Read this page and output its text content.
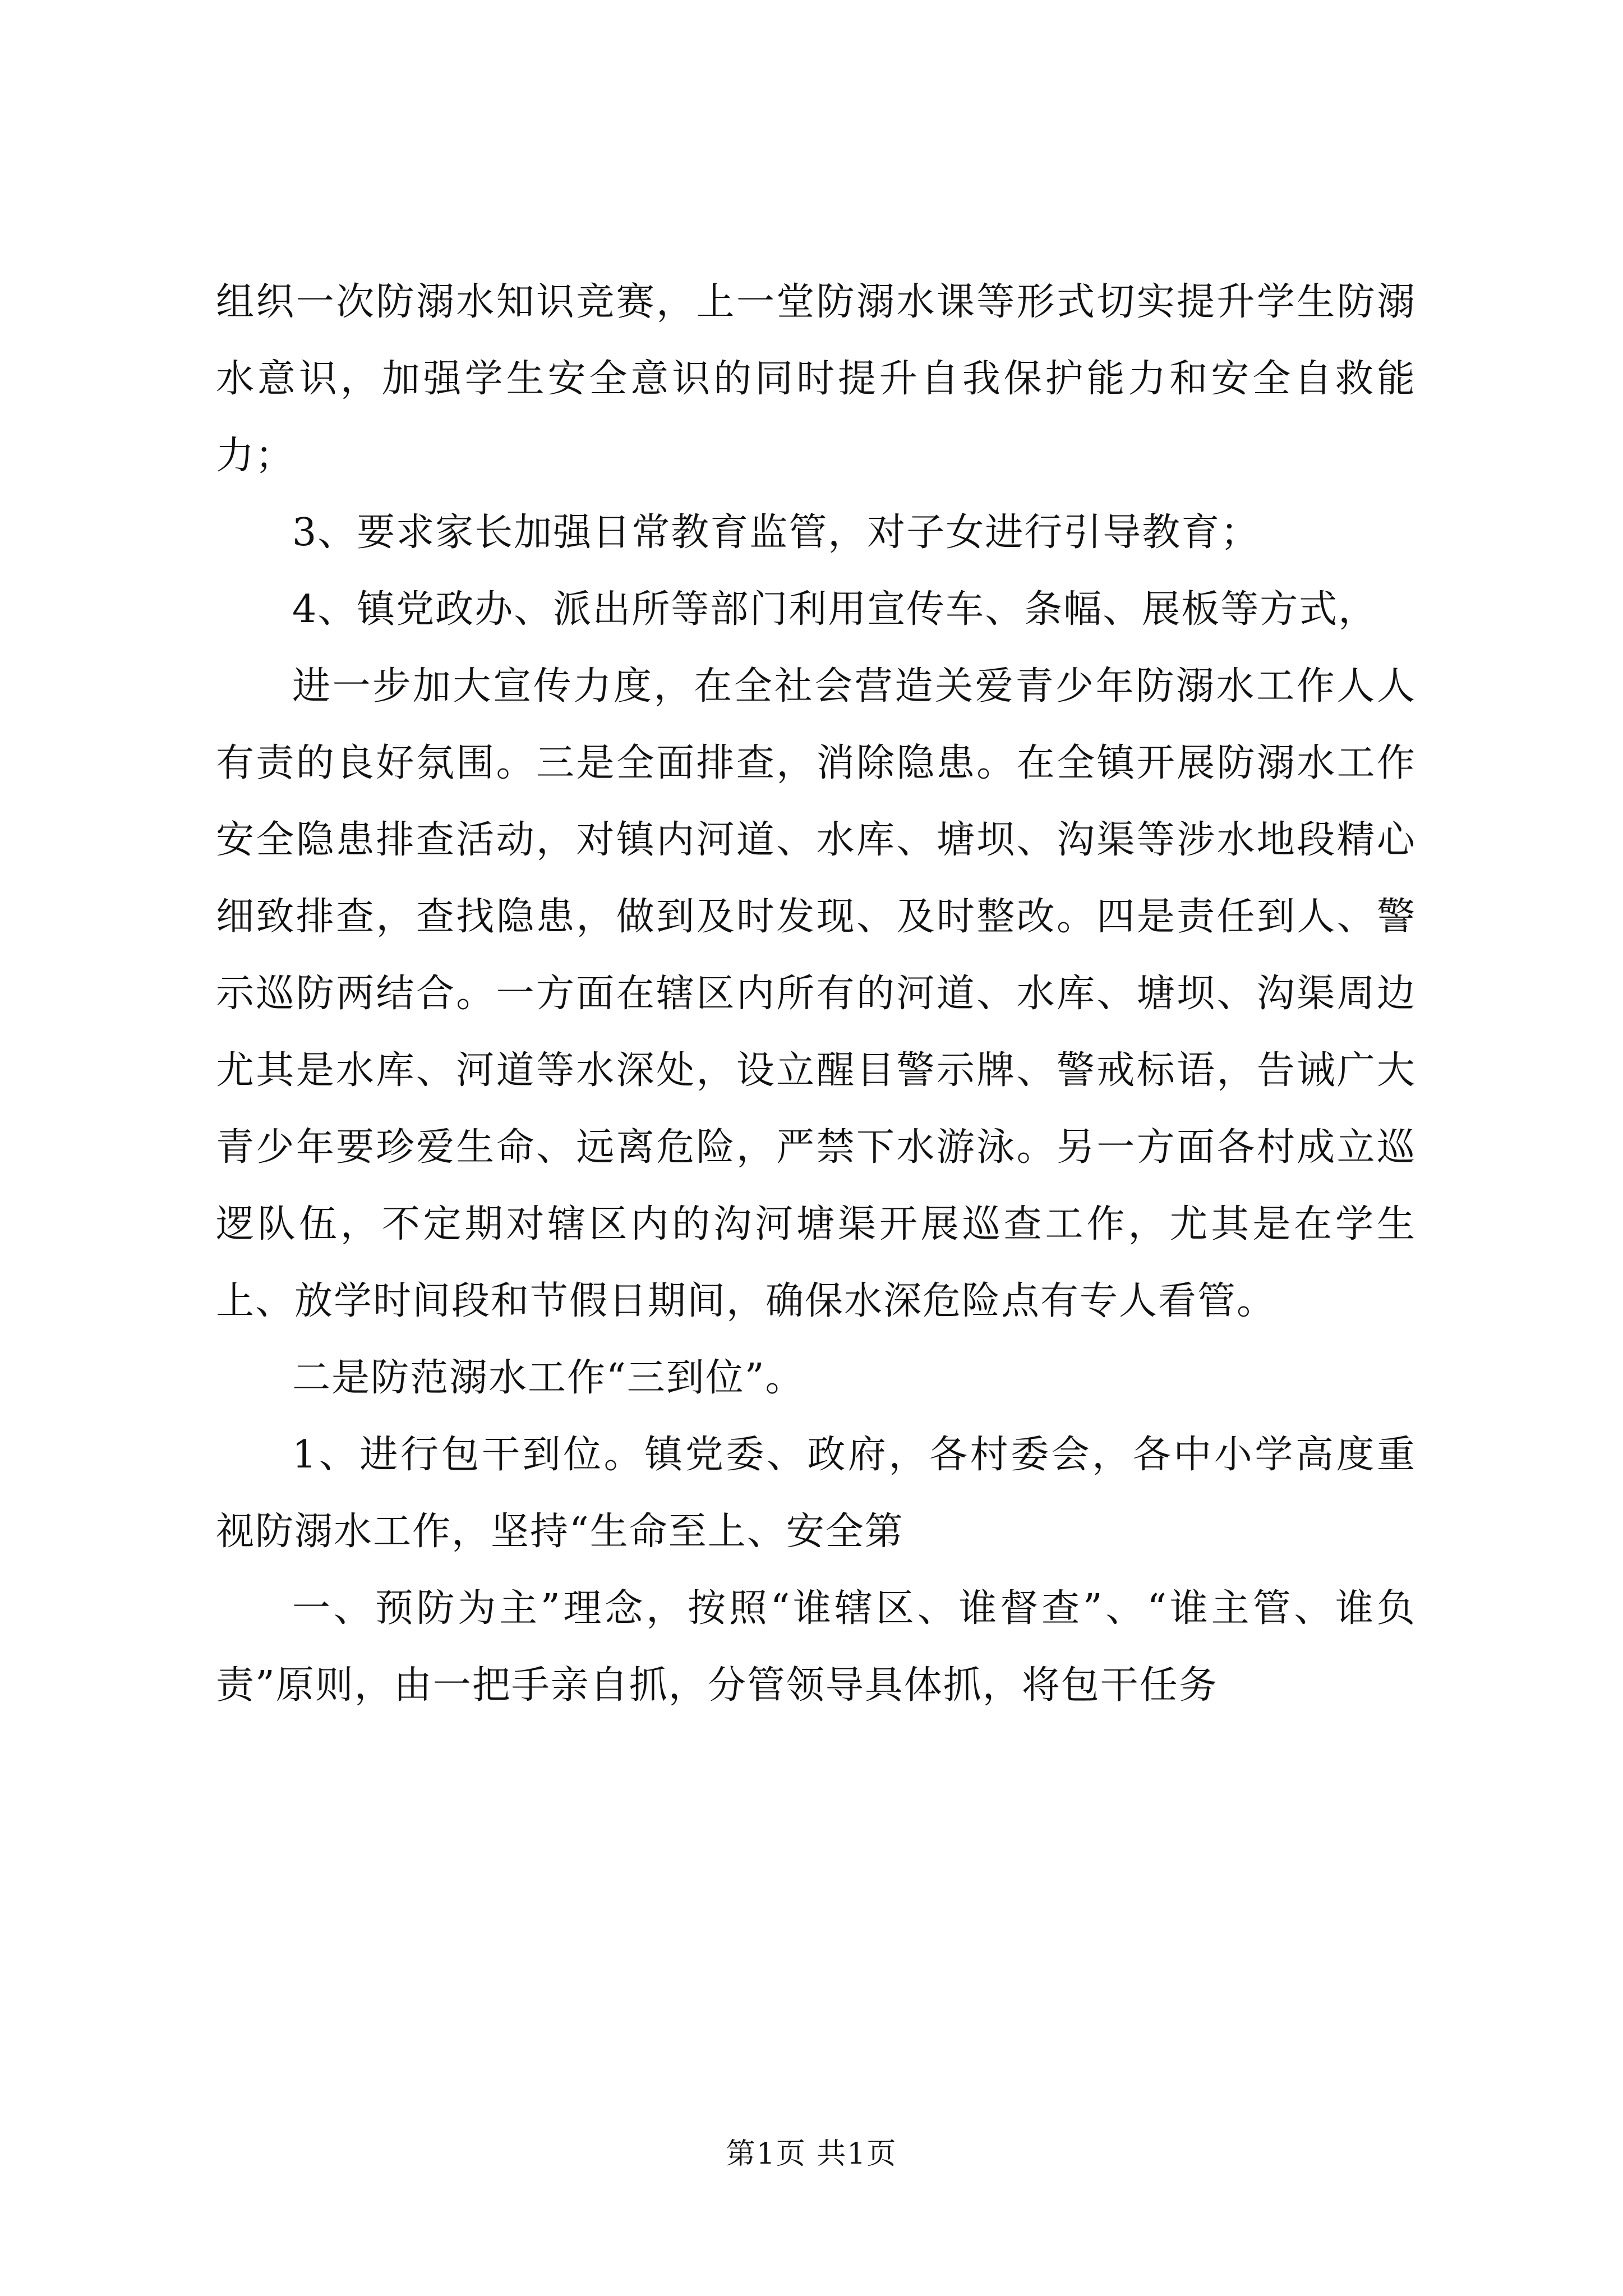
组织一次防溺水知识竞赛，上一堂防溺水课等形式切实提升学生防溺水意识，加强学生安全意识的同时提升自我保护能力和安全自救能力；

3、要求家长加强日常教育监管，对子女进行引导教育；

4、镇党政办、派出所等部门利用宣传车、条幅、展板等方式，

进一步加大宣传力度，在全社会营造关爱青少年防溺水工作人人有责的良好氛围。三是全面排查，消除隐患。在全镇开展防溺水工作安全隐患排查活动，对镇内河道、水库、塘坝、沟渠等涉水地段精心细致排查，查找隐患，做到及时发现、及时整改。四是责任到人、警示巡防两结合。一方面在辖区内所有的河道、水库、塘坝、沟渠周边尤其是水库、河道等水深处，设立醒目警示牌、警戒标语，告诫广大青少年要珍爱生命、远离危险，严禁下水游泳。另一方面各村成立巡逻队伍，不定期对辖区内的沟河塘渠开展巡查工作，尤其是在学生上、放学时间段和节假日期间，确保水深危险点有专人看管。

二是防范溺水工作“三到位”。

1、进行包干到位。镇党委、政府，各村委会，各中小学高度重视防溺水工作，坚持“生命至上、安全第

一、预防为主”理念，按照“谁辖区、谁督查”、“谁主管、谁负责”原则，由一把手亲自抓，分管领导具体抓，将包干任务

第1页 共1页
